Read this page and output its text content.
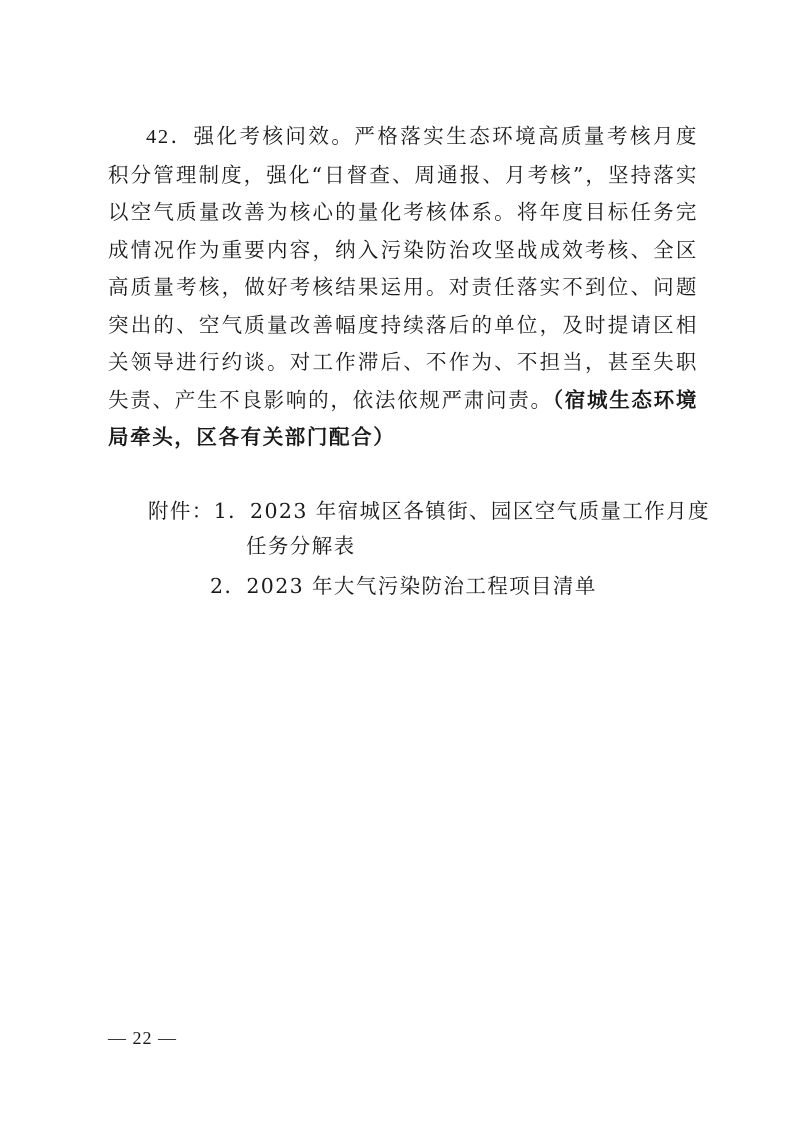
42．强化考核问效。严格落实生态环境高质量考核月度积分管理制度，强化“日督查、周通报、月考核”，坚持落实以空气质量改善为核心的量化考核体系。将年度目标任务完成情况作为重要内容，纳入污染防治攻坚战成效考核、全区高质量考核，做好考核结果运用。对责任落实不到位、问题突出的、空气质量改善幅度持续落后的单位，及时提请区相关领导进行约谈。对工作滞后、不作为、不担当，甚至失职失责、产生不良影响的，依法依规严肃问责。（宿城生态环境局牵头，区各有关部门配合）

附件：1．2023 年宿城区各镇街、园区空气质量工作月度
任务分解表
2．2023 年大气污染防治工程项目清单
— 22 —
